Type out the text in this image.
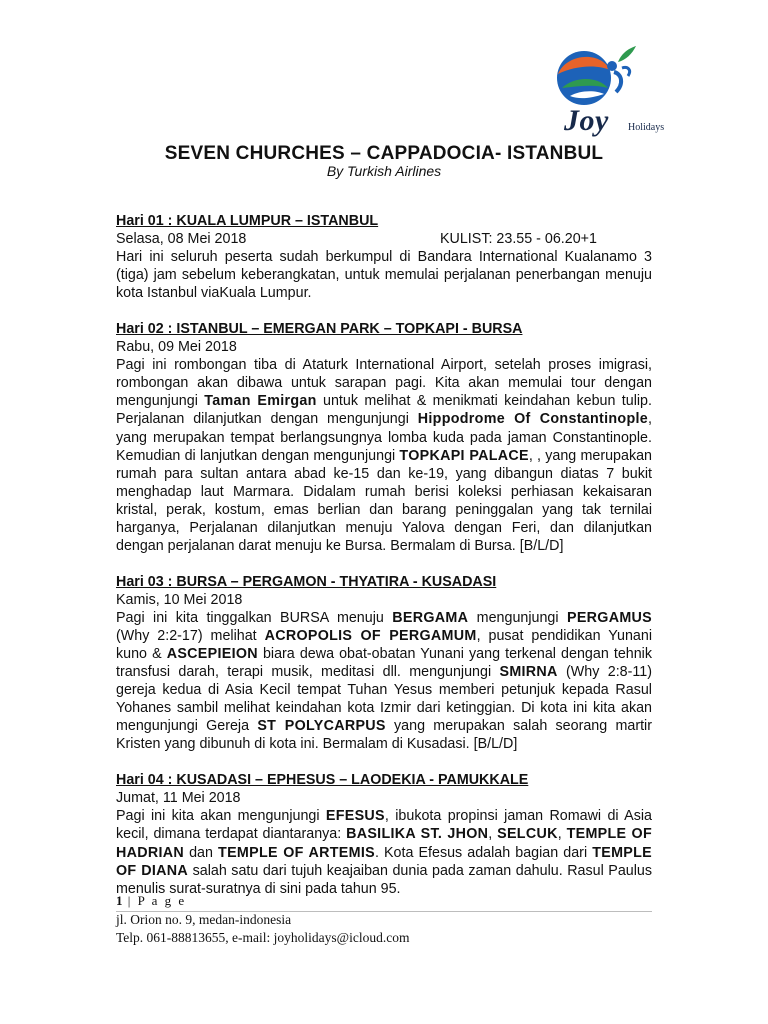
Joy Holidays
SEVEN CHURCHES – CAPPADOCIA- ISTANBUL
By Turkish Airlines
Hari 01 : KUALA LUMPUR – ISTANBUL
Selasa, 08 Mei 2018	KULIST: 23.55 - 06.20+1
Hari ini seluruh peserta sudah berkumpul di Bandara International Kualanamo 3 (tiga) jam sebelum keberangkatan, untuk memulai perjalanan penerbangan menuju kota Istanbul viaKuala Lumpur.
Hari 02 : ISTANBUL – EMERGAN PARK – TOPKAPI - BURSA
Rabu, 09 Mei 2018
Pagi ini rombongan tiba di Ataturk International Airport, setelah proses imigrasi, rombongan akan dibawa untuk sarapan pagi. Kita akan memulai tour dengan mengunjungi Taman Emirgan untuk melihat & menikmati keindahan kebun tulip. Perjalanan dilanjutkan dengan mengunjungi Hippodrome Of Constantinople, yang merupakan tempat berlangsungnya lomba kuda pada jaman Constantinople. Kemudian di lanjutkan dengan mengunjungi TOPKAPI PALACE, , yang merupakan rumah para sultan antara abad ke-15 dan ke-19, yang dibangun diatas 7 bukit menghadap laut Marmara. Didalam rumah berisi koleksi perhiasan kekaisaran kristal, perak, kostum, emas berlian dan barang peninggalan yang tak ternilai harganya, Perjalanan dilanjutkan menuju Yalova dengan Feri, dan dilanjutkan dengan perjalanan darat menuju ke Bursa. Bermalam di Bursa. [B/L/D]
Hari 03 : BURSA – PERGAMON - THYATIRA - KUSADASI
Kamis, 10 Mei 2018
Pagi ini kita tinggalkan BURSA menuju BERGAMA mengunjungi PERGAMUS (Why 2:2-17) melihat ACROPOLIS OF PERGAMUM, pusat pendidikan Yunani kuno & ASCEPIEION biara dewa obat-obatan Yunani yang terkenal dengan tehnik transfusi darah, terapi musik, meditasi dll. mengunjungi SMIRNA (Why 2:8-11) gereja kedua di Asia Kecil tempat Tuhan Yesus memberi petunjuk kepada Rasul Yohanes sambil melihat keindahan kota Izmir dari ketinggian. Di kota ini kita akan mengunjungi Gereja ST POLYCARPUS yang merupakan salah seorang martir Kristen yang dibunuh di kota ini. Bermalam di Kusadasi. [B/L/D]
Hari 04 : KUSADASI – EPHESUS – LAODEKIA - PAMUKKALE
Jumat, 11 Mei 2018
Pagi ini kita akan mengunjungi EFESUS, ibukota propinsi jaman Romawi di Asia kecil, dimana terdapat diantaranya: BASILIKA ST. JHON, SELCUK, TEMPLE OF HADRIAN dan TEMPLE OF ARTEMIS. Kota Efesus adalah bagian dari TEMPLE OF DIANA salah satu dari tujuh keajaiban dunia pada zaman dahulu. Rasul Paulus menulis surat-suratnya di sini pada tahun 95.
1 | P a g e
jl. Orion no. 9, medan-indonesia
Telp. 061-88813655, e-mail: joyholidays@icloud.com
